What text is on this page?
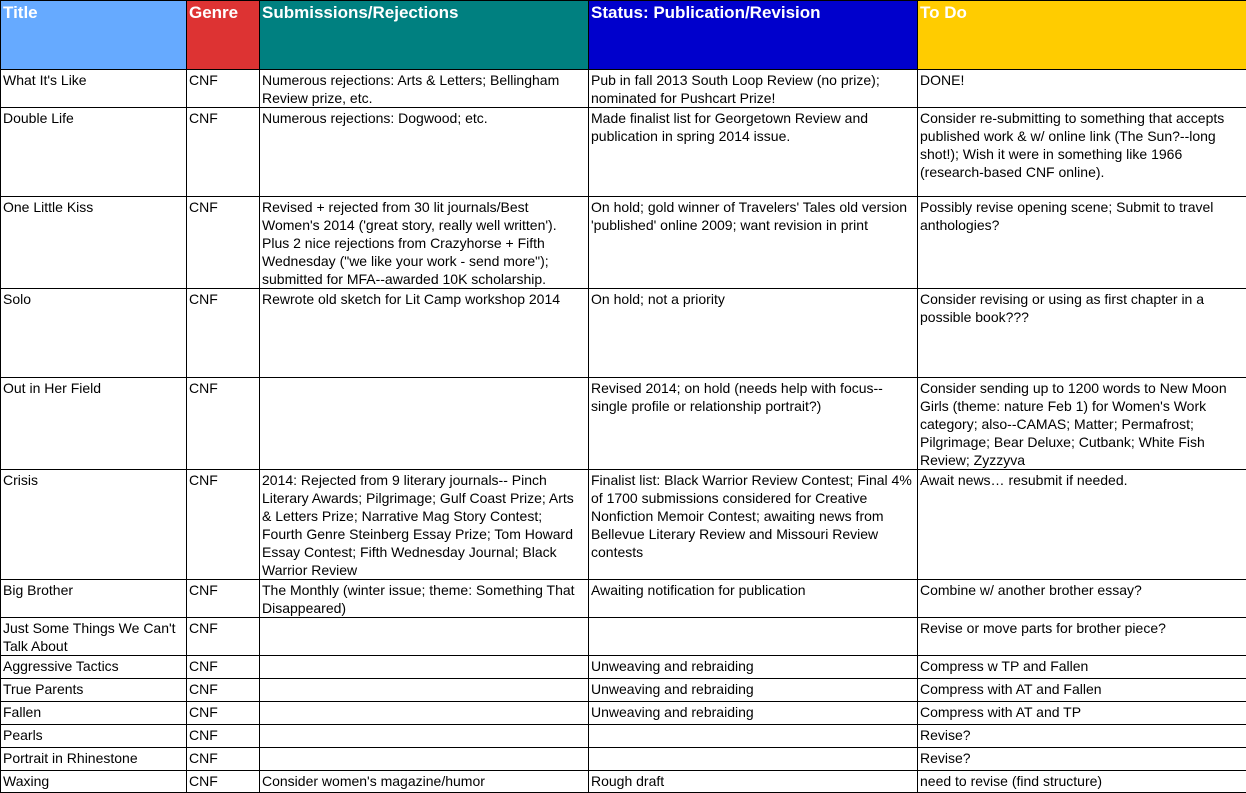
Title	Genre	Submissions/Rejections	Status: Publication/Revision	To Do
What It's Like	CNF	Numerous rejections: Arts & Letters; Bellingham Review prize, etc.	Pub in fall 2013 South Loop Review (no prize); nominated for Pushcart Prize!	DONE!
Double Life	CNF	Numerous rejections: Dogwood; etc.	Made finalist list for Georgetown Review and publication in spring 2014 issue.	Consider re-submitting to something that accepts published work & w/ online link (The Sun?--long shot!); Wish it were in something like 1966 (research-based CNF online).
One Little Kiss	CNF	Revised + rejected from 30 lit journals/Best Women's 2014 ('great story, really well written'). Plus 2 nice rejections from Crazyhorse + Fifth Wednesday ("we like your work - send more"); submitted for MFA--awarded 10K scholarship.	On hold; gold winner of Travelers' Tales old version 'published' online 2009; want revision in print	Possibly revise opening scene; Submit to travel anthologies?
Solo	CNF	Rewrote old sketch for Lit Camp workshop 2014	On hold; not a priority	Consider revising or using as first chapter in a possible book???
Out in Her Field	CNF		Revised 2014; on hold (needs help with focus--single profile or relationship portrait?)	Consider sending up to 1200 words to New Moon Girls (theme: nature Feb 1) for Women's Work category; also--CAMAS; Matter; Permafrost; Pilgrimage; Bear Deluxe; Cutbank; White Fish Review; Zyzzyva
Crisis	CNF	2014: Rejected from 9 literary journals-- Pinch Literary Awards; Pilgrimage; Gulf Coast Prize; Arts & Letters Prize; Narrative Mag Story Contest; Fourth Genre Steinberg Essay Prize; Tom Howard Essay Contest; Fifth Wednesday Journal; Black Warrior Review	Finalist list: Black Warrior Review Contest; Final 4% of 1700 submissions considered for Creative Nonfiction Memoir Contest; awaiting news from Bellevue Literary Review and Missouri Review contests	Await news… resubmit if needed.
Big Brother	CNF	The Monthly (winter issue; theme: Something That Disappeared)	Awaiting notification for publication	Combine w/ another brother essay?
Just Some Things We Can't Talk About	CNF			Revise or move parts for brother piece?
Aggressive Tactics	CNF		Unweaving and rebraiding	Compress w TP and Fallen
True Parents	CNF		Unweaving and rebraiding	Compress with AT and Fallen
Fallen	CNF		Unweaving and rebraiding	Compress with AT and TP
Pearls	CNF			Revise?
Portrait in Rhinestone	CNF			Revise?
Waxing	CNF	Consider women's magazine/humor	Rough draft	need to revise (find structure)
